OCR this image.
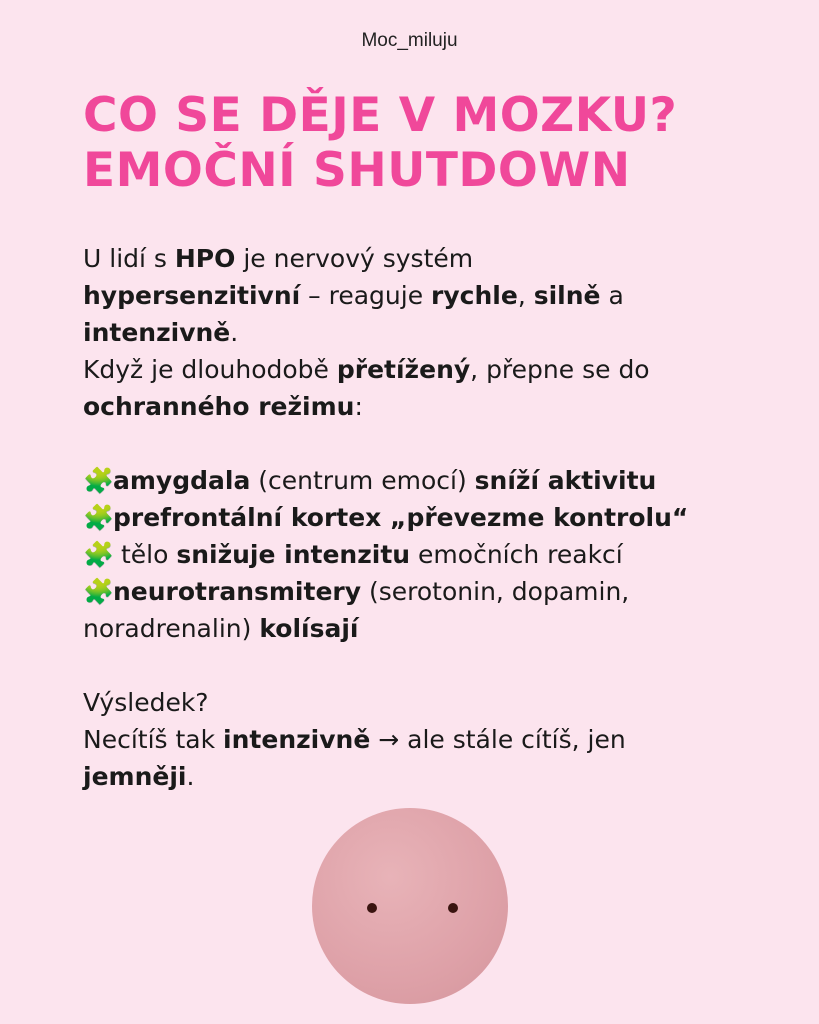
Moc_miluju
CO SE DĚJE V MOZKU?
EMOČNÍ SHUTDOWN

U lidí s HPO je nervový systém

hypersenzitivní – reaguje rychle, silně a

intenzivně.

Když je dlouhodobě přetížený, přepne se do

ochranného režimu:

🧩amygdala (centrum emocí) sníží aktivitu

🧩prefrontální kortex „převezme kontrolu“

🧩 tělo snižuje intenzitu emočních reakcí

🧩neurotransmitery (serotonin, dopamin,

noradrenalin) kolísají

Výsledek?

Necítíš tak intenzivně → ale stále cítíš, jen

jemněji.
